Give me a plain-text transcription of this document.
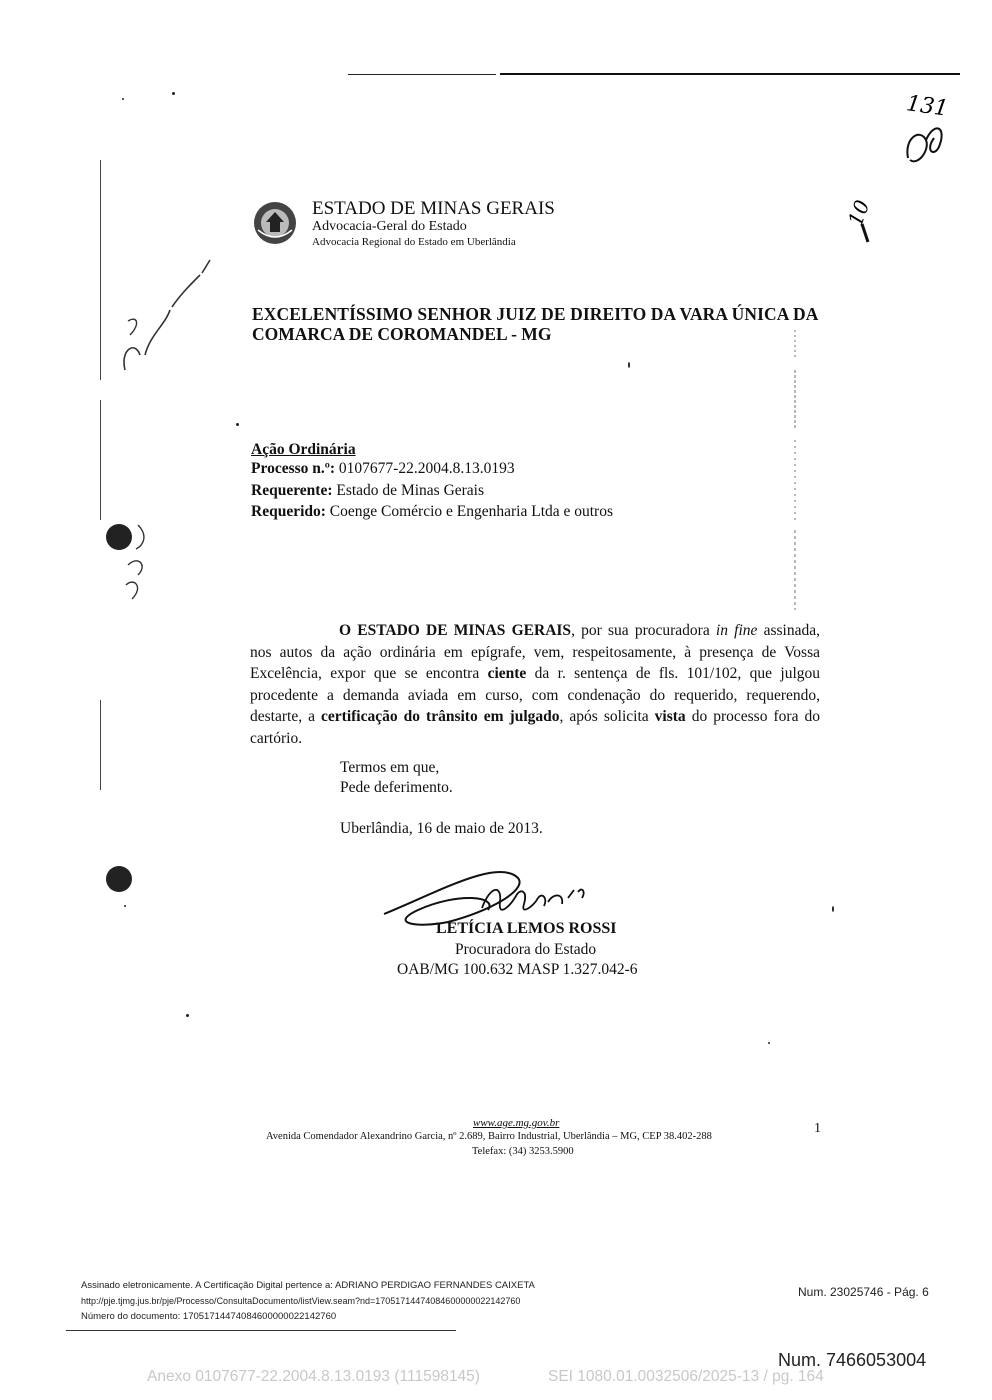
131
10
ESTADO DE MINAS GERAIS
Advocacia-Geral do Estado
Advocacia Regional do Estado em Uberlândia
EXCELENTÍSSIMO SENHOR JUIZ DE DIREITO DA VARA ÚNICA DA
COMARCA DE COROMANDEL - MG
Ação Ordinária
Processo n.º: 0107677-22.2004.8.13.0193
Requerente: Estado de Minas Gerais
Requerido: Coenge Comércio e Engenharia Ltda e outros
O ESTADO DE MINAS GERAIS, por sua procuradora in fine assinada, nos autos da ação ordinária em epígrafe, vem, respeitosamente, à presença de Vossa Excelência, expor que se encontra ciente da r. sentença de fls. 101/102, que julgou procedente a demanda aviada em curso, com condenação do requerido, requerendo, destarte, a certificação do trânsito em julgado, após solicita vista do processo fora do cartório.
Termos em que,
Pede deferimento.
Uberlândia, 16 de maio de 2013.
LETÍCIA LEMOS ROSSI
Procuradora do Estado
OAB/MG 100.632 MASP 1.327.042-6
www.age.mg.gov.br
Avenida Comendador Alexandrino Garcia, nº 2.689, Bairro Industrial, Uberlândia – MG, CEP 38.402-288
Telefax: (34) 3253.5900
1
Assinado eletronicamente. A Certificação Digital pertence a: ADRIANO PERDIGAO FERNANDES CAIXETA
http://pje.tjmg.jus.br/pje/Processo/ConsultaDocumento/listView.seam?nd=17051714474084600000022142760
Número do documento: 17051714474084600000022142760
Num. 23025746 - Pág. 6
Num. 7466053004
Anexo 0107677-22.2004.8.13.0193 (111598145)	SEI 1080.01.0032506/2025-13 / pg. 164
